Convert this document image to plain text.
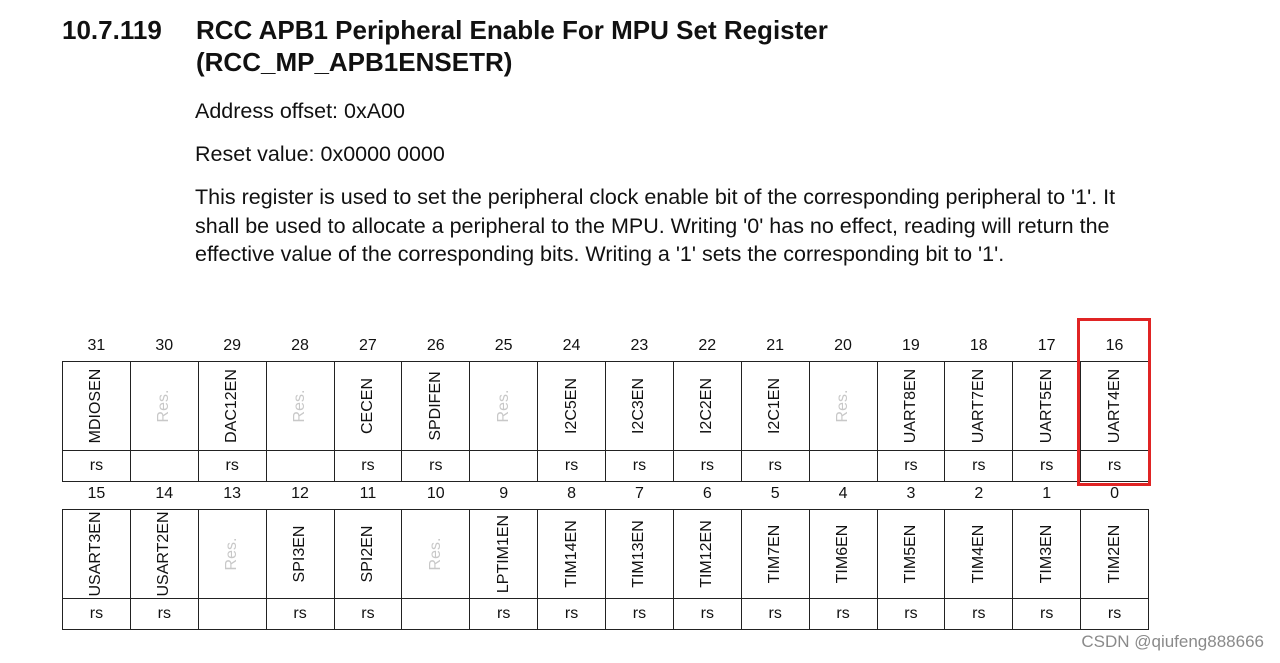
10.7.119 RCC APB1 Peripheral Enable For MPU Set Register (RCC_MP_APB1ENSETR)
Address offset: 0xA00
Reset value: 0x0000 0000
This register is used to set the peripheral clock enable bit of the corresponding peripheral to '1'. It shall be used to allocate a peripheral to the MPU. Writing '0' has no effect, reading will return the effective value of the corresponding bits. Writing a '1' sets the corresponding bit to '1'.
31	30	29	28	27	26	25	24	23	22	21	20	19	18	17	16

MDIOSEN	Res.	DAC12EN	Res.	CECEN	SPDIFEN	Res.	I2C5EN	I2C3EN	I2C2EN	I2C1EN	Res.	UART8EN	UART7EN	UART5EN	UART4EN

rs		rs		rs	rs		rs	rs	rs	rs		rs	rs	rs	rs
15	14	13	12	11	10	9	8	7	6	5	4	3	2	1	0

USART3EN	USART2EN	Res.	SPI3EN	SPI2EN	Res.	LPTIM1EN	TIM14EN	TIM13EN	TIM12EN	TIM7EN	TIM6EN	TIM5EN	TIM4EN	TIM3EN	TIM2EN

rs	rs		rs	rs		rs	rs	rs	rs	rs	rs	rs	rs	rs	rs
CSDN @qiufeng888666
